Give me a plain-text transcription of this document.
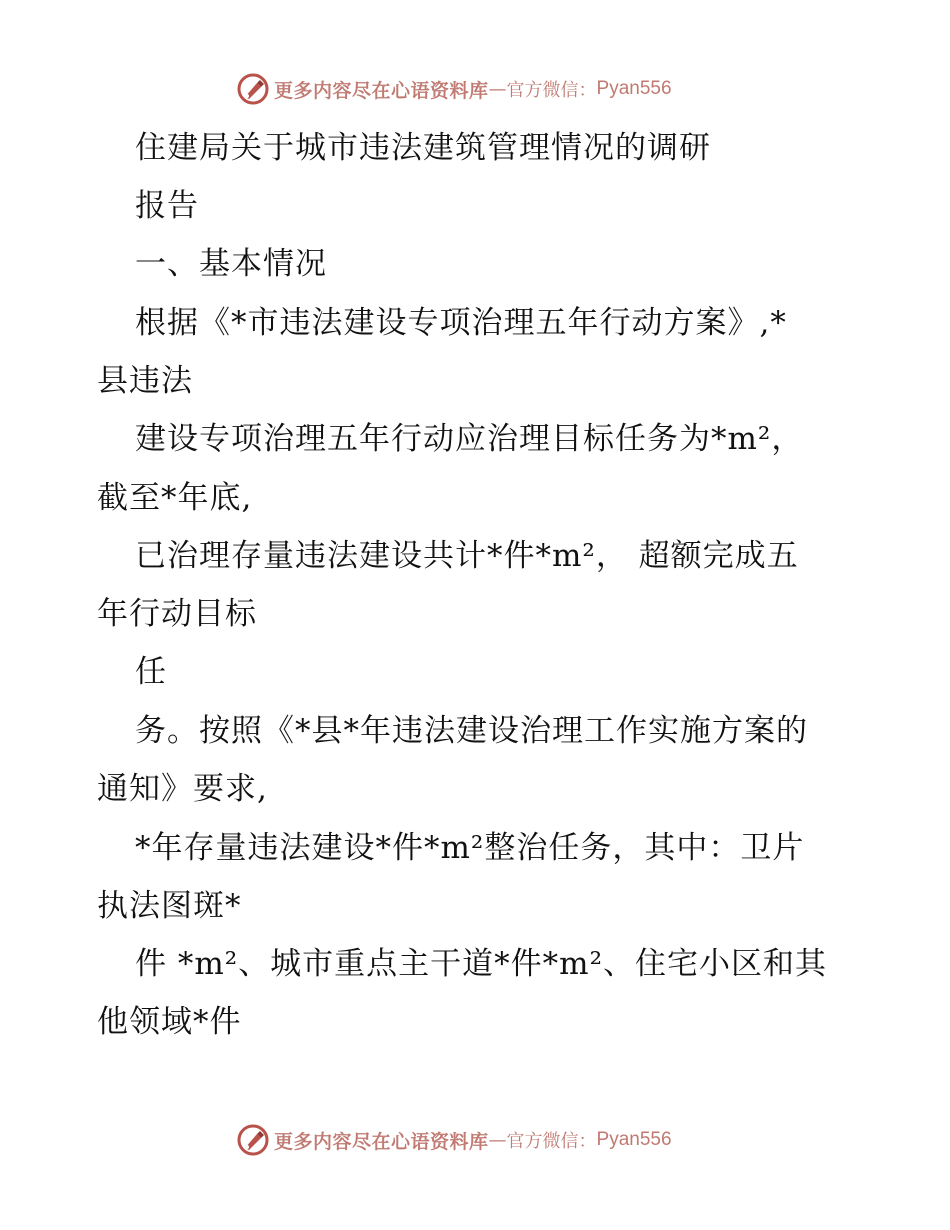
更多内容尽在心语资料库 — 官方微信： Pyan556
住建局关于城市违法建筑管理情况的调研
报告
一、基本情况
根据《*市违法建设专项治理五年行动方案》,*
县违法
建设专项治理五年行动应治理目标任务为*m²，
截至*年底,
已治理存量违法建设共计*件*m²， 超额完成五
年行动目标
任
务。按照《*县*年违法建设治理工作实施方案的
通知》要求,
*年存量违法建设*件*m²整治任务，其中：卫片
执法图斑*
件 *m²、城市重点主干道*件*m²、住宅小区和其
他领域*件
更多内容尽在心语资料库 — 官方微信： Pyan556
